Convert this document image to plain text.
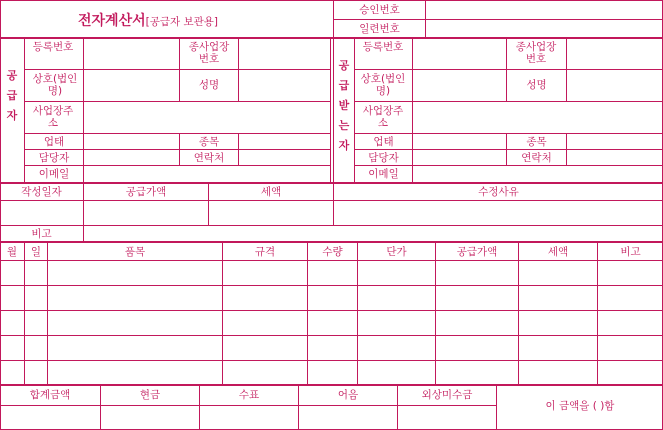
전자계산서[공급자 보관용]
승인번호
일련번호
공급자
등록번호	종사업장번호
상호(법인명)	성명
사업장주소
업태	종목
담당자	연락처
이메일
공급받는자
등록번호	종사업장번호
상호(법인명)	성명
사업장주소
업태	종목
담당자	연락처
이메일
작성일자	공급가액	세액	수정사유
비고
월	일	품목	규격	수량	단가	공급가액	세액	비고
합계금액	현금	수표	어음	외상미수금
이 금액을 ( )함
